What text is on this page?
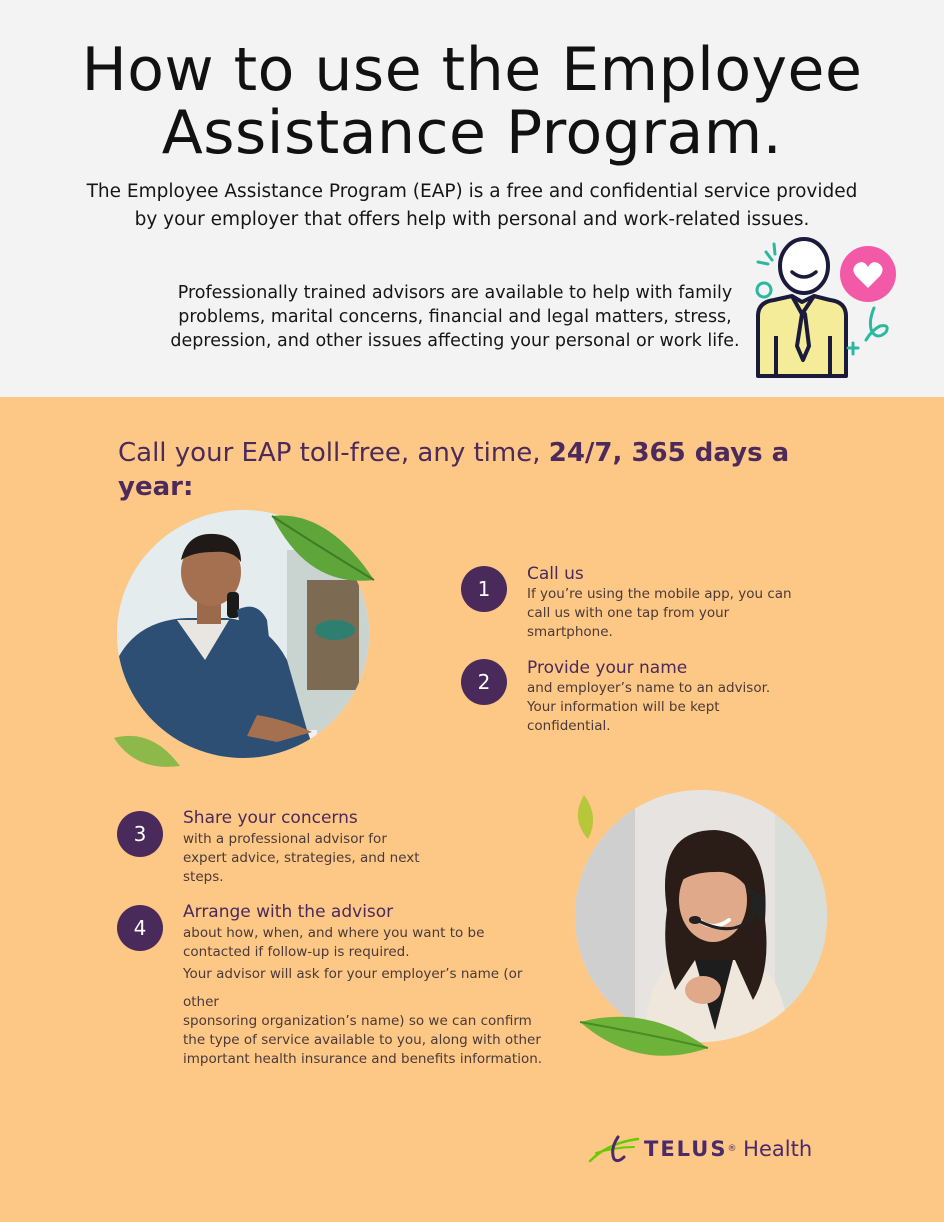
How to use the Employee
Assistance Program.
The Employee Assistance Program (EAP) is a free and confidential service provided
by your employer that offers help with personal and work-related issues.
Professionally trained advisors are available to help with family
problems, marital concerns, financial and legal matters, stress,
depression, and other issues affecting your personal or work life.
Call your EAP toll-free, any time, 24/7, 365 days a year:
1
Call us
If you’re using the mobile app, you can
call us with one tap from your
smartphone.
2
Provide your name
and employer’s name to an advisor.
Your information will be kept
confidential.
3
Share your concerns
with a professional advisor for
expert advice, strategies, and next
steps.
4
Arrange with the advisor
about how, when, and where you want to be
contacted if follow-up is required.
Your advisor will ask for your employer’s name (or
other
sponsoring organization’s name) so we can confirm
the type of service available to you, along with other
important health insurance and benefits information.
TELUS® Health
